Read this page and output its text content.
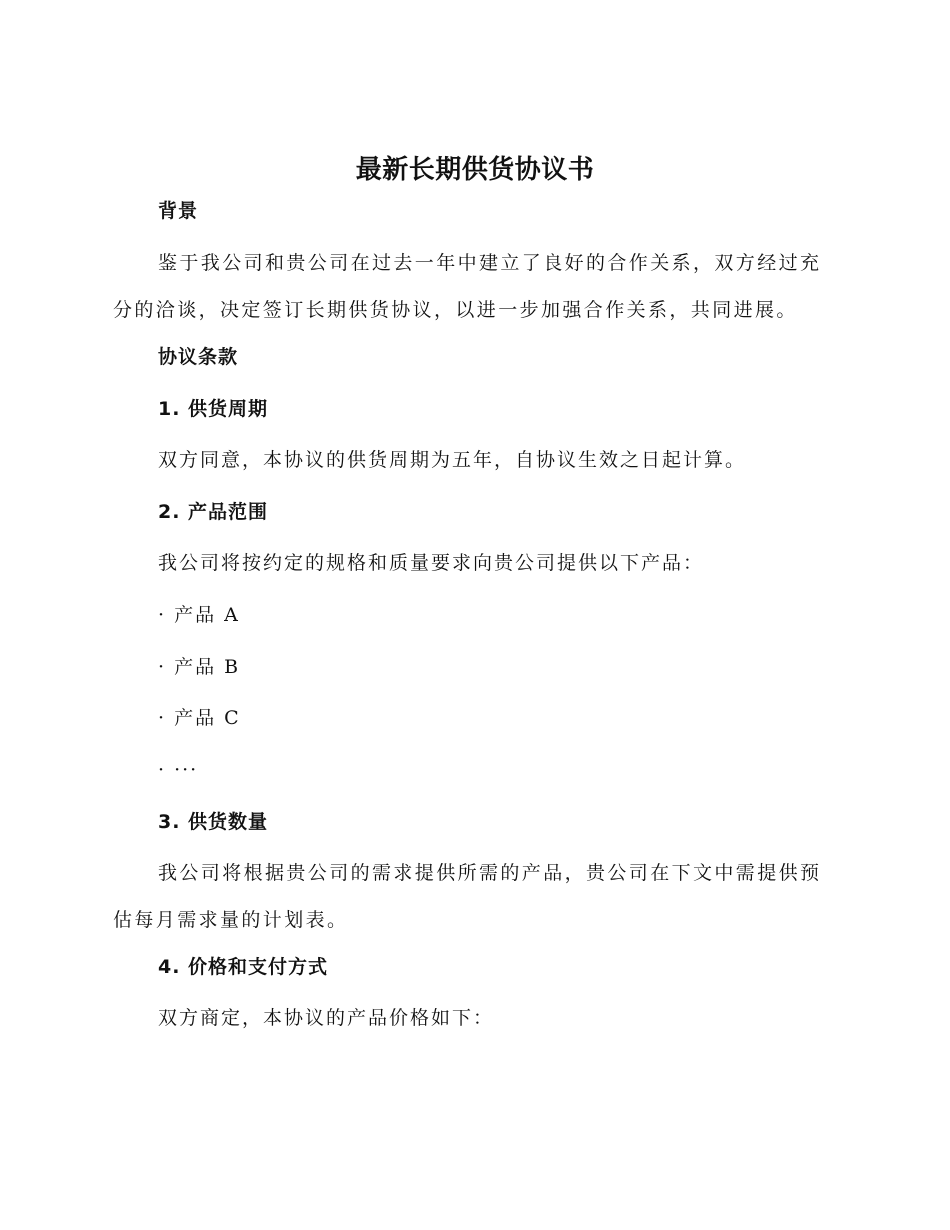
最新长期供货协议书
背景
鉴于我公司和贵公司在过去一年中建立了良好的合作关系，双方经过充分的洽谈，决定签订长期供货协议，以进一步加强合作关系，共同进展。
协议条款
1. 供货周期
双方同意，本协议的供货周期为五年，自协议生效之日起计算。
2. 产品范围
我公司将按约定的规格和质量要求向贵公司提供以下产品：
· 产品 A
· 产品 B
· 产品 C
· ···
3. 供货数量
我公司将根据贵公司的需求提供所需的产品，贵公司在下文中需提供预估每月需求量的计划表。
4. 价格和支付方式
双方商定，本协议的产品价格如下：
